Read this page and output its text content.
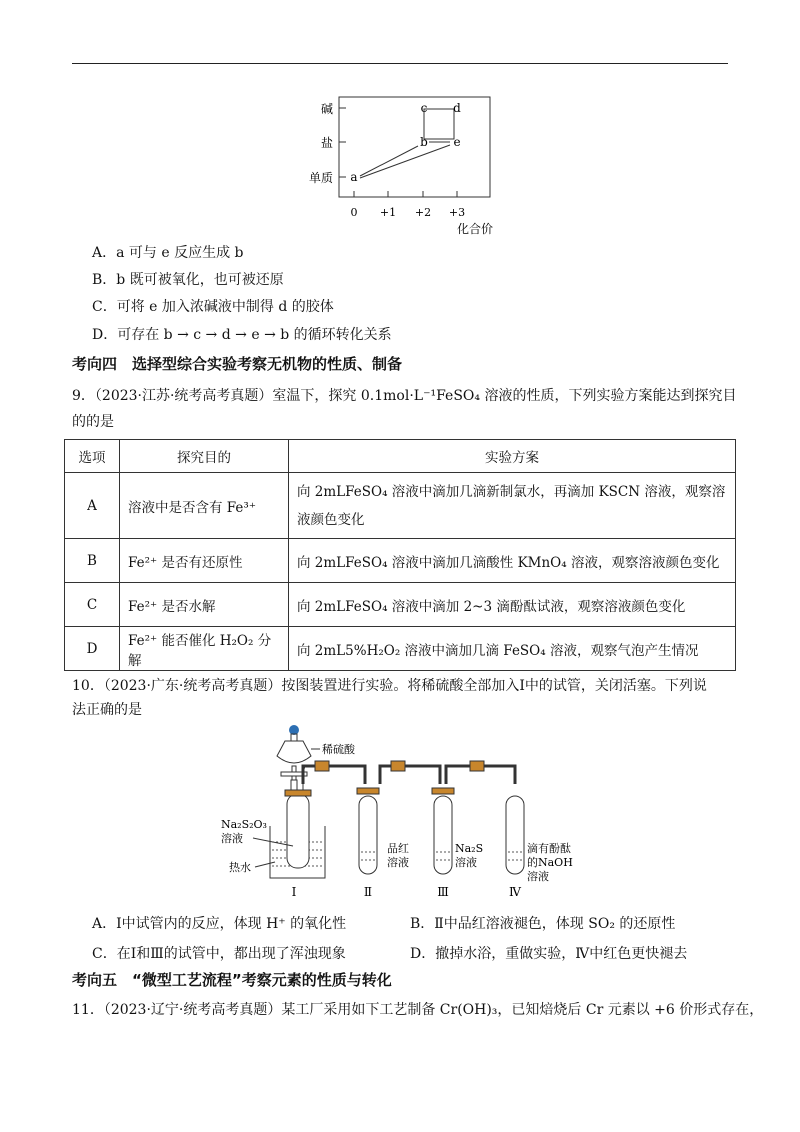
碱
盐
单质
0 +1 +2 +3
化合价
a
b
c d
e
A．a 可与 e 反应生成 b
B．b 既可被氧化，也可被还原
C．可将 e 加入浓碱液中制得 d 的胶体
D．可存在 b → c → d → e → b 的循环转化关系
考向四　选择型综合实验考察无机物的性质、制备
9．（2023·江苏·统考高考真题）室温下，探究 0.1mol·L⁻¹FeSO₄ 溶液的性质，下列实验方案能达到探究目
的的是
选项	探究目的	实验方案
A	溶液中是否含有 Fe³⁺	向 2mLFeSO₄ 溶液中滴加几滴新制氯水，再滴加 KSCN 溶液，观察溶
液颜色变化

B	Fe²⁺ 是否有还原性	向 2mLFeSO₄ 溶液中滴加几滴酸性 KMnO₄ 溶液，观察溶液颜色变化
C	Fe²⁺ 是否水解	向 2mLFeSO₄ 溶液中滴加 2~3 滴酚酞试液，观察溶液颜色变化
D	Fe²⁺ 能否催化 H₂O₂ 分解	向 2mL5%H₂O₂ 溶液中滴加几滴 FeSO₄ 溶液，观察气泡产生情况
10．（2023·广东·统考高考真题）按图装置进行实验。将稀硫酸全部加入Ⅰ中的试管，关闭活塞。下列说
法正确的是
稀硫酸
Na₂S₂O₃
溶液
热水
品红
溶液
Na₂S
溶液
滴有酚酞
的NaOH
溶液
Ⅰ	Ⅱ	Ⅲ	Ⅳ
A．Ⅰ中试管内的反应，体现 H⁺ 的氧化性	B．Ⅱ中品红溶液褪色，体现 SO₂ 的还原性
C．在Ⅰ和Ⅲ的试管中，都出现了浑浊现象	D．撤掉水浴，重做实验，Ⅳ中红色更快褪去
考向五　“微型工艺流程”考察元素的性质与转化
11．（2023·辽宁·统考高考真题）某工厂采用如下工艺制备 Cr(OH)₃，已知焙烧后 Cr 元素以 +6 价形式存在，
